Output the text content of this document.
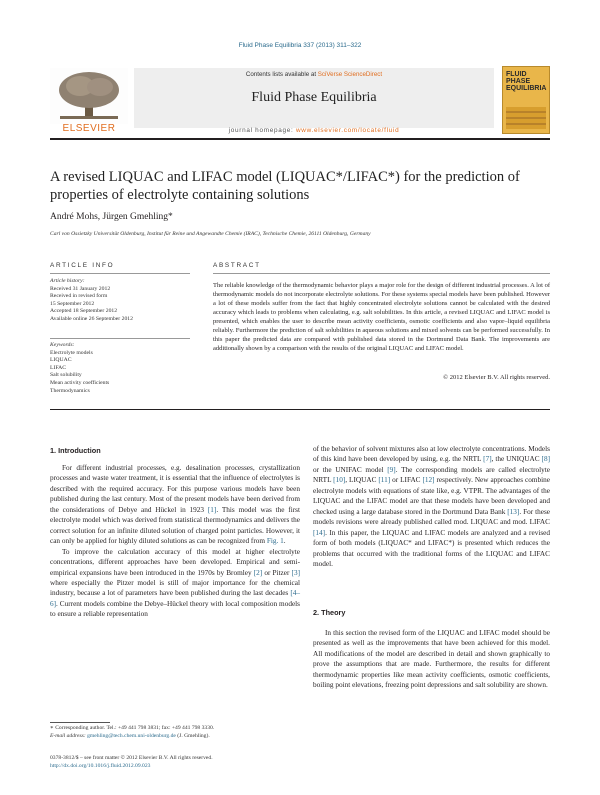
Fluid Phase Equilibria 337 (2013) 311–322
ELSEVIER
Contents lists available at SciVerse ScienceDirect
Fluid Phase Equilibria
journal homepage: www.elsevier.com/locate/fluid
FLUID PHASE EQUILIBRIA
A revised LIQUAC and LIFAC model (LIQUAC*/LIFAC*) for the prediction of properties of electrolyte containing solutions
André Mohs, Jürgen Gmehling*
Carl von Ossietzky Universität Oldenburg, Institut für Reine und Angewandte Chemie (IRAC), Technische Chemie, 26111 Oldenburg, Germany
ARTICLE INFO	ABSTRACT
Article history:
Received 31 January 2012
Received in revised form
15 September 2012
Accepted 18 September 2012
Available online 26 September 2012
Keywords:
Electrolyte models
LIQUAC
LIFAC
Salt solubility
Mean activity coefficients
Thermodynamics
The reliable knowledge of the thermodynamic behavior plays a major role for the design of different industrial processes. A lot of thermodynamic models do not incorporate electrolyte solutions. For these systems special models have been published. However a lot of these models suffer from the fact that highly concentrated electrolyte solutions cannot be calculated with the desired accuracy which leads to problems when calculating, e.g. salt solubilities. In this article, a revised LIQUAC and LIFAC model is presented, which enables the user to describe mean activity coefficients, osmotic coefficients and also vapor–liquid equilibria reliably. Furthermore the prediction of salt solubilities in aqueous solutions and mixed solvents can be performed successfully. In this paper the predicted data are compared with published data stored in the Dortmund Data Bank. The improvements are additionally shown by a comparison with the results of the original LIQUAC and LIFAC model.
© 2012 Elsevier B.V. All rights reserved.
1. Introduction

For different industrial processes, e.g. desalination processes, crystallization processes and waste water treatment, it is essential that the influence of electrolytes is described with the required accuracy. For this purpose various models have been published during the last century. Most of the present models have been derived from the considerations of Debye and Hückel in 1923 [1]. This model was the first electrolyte model which was derived from statistical thermodynamics and delivers the correct solution for an infinite diluted solution of charged point particles. However, it can only be applied for highly diluted solutions as can be recognized from Fig. 1.

To improve the calculation accuracy of this model at higher electrolyte concentrations, different approaches have been developed. Empirical and semi-empirical expansions have been introduced in the 1970s by Bromley [2] or Pitzer [3] where especially the Pitzer model is still of major importance for the chemical industry, because a lot of parameters have been published during the last decades [4–6]. Current models combine the Debye–Hückel theory with local composition models to ensure a reliable representation

of the behavior of solvent mixtures also at low electrolyte concentrations. Models of this kind have been developed by using, e.g. the NRTL [7], the UNIQUAC [8] or the UNIFAC model [9]. The corresponding models are called electrolyte NRTL [10], LIQUAC [11] or LIFAC [12] respectively. New approaches combine electrolyte models with equations of state like, e.g. VTPR. The advantages of the LIQUAC and the LIFAC model are that these models have been developed and checked using a large database stored in the Dortmund Data Bank [13]. For these models revisions were already published called mod. LIQUAC and mod. LIFAC [14]. In this paper, the LIQUAC and LIFAC models are analyzed and a revised form of both models (LIQUAC* and LIFAC*) is presented which reduces the problems that occurred with the traditional forms of the LIQUAC and LIFAC model.

2. Theory

In this section the revised form of the LIQUAC and LIFAC model should be presented as well as the improvements that have been achieved for this model. All modifications of the model are described in detail and shown graphically to prove the assumptions that are made. Furthermore, the results for different thermodynamic properties like mean activity coefficients, osmotic coefficients, boiling point elevations, freezing point depressions and salt solubility are shown.

∗ Corresponding author. Tel.: +49 441 798 3831; fax: +49 441 798 3330.
E-mail address: gmehling@tech.chem.uni-oldenburg.de (J. Gmehling).
0378-3812/$ – see front matter © 2012 Elsevier B.V. All rights reserved.
http://dx.doi.org/10.1016/j.fluid.2012.09.023
